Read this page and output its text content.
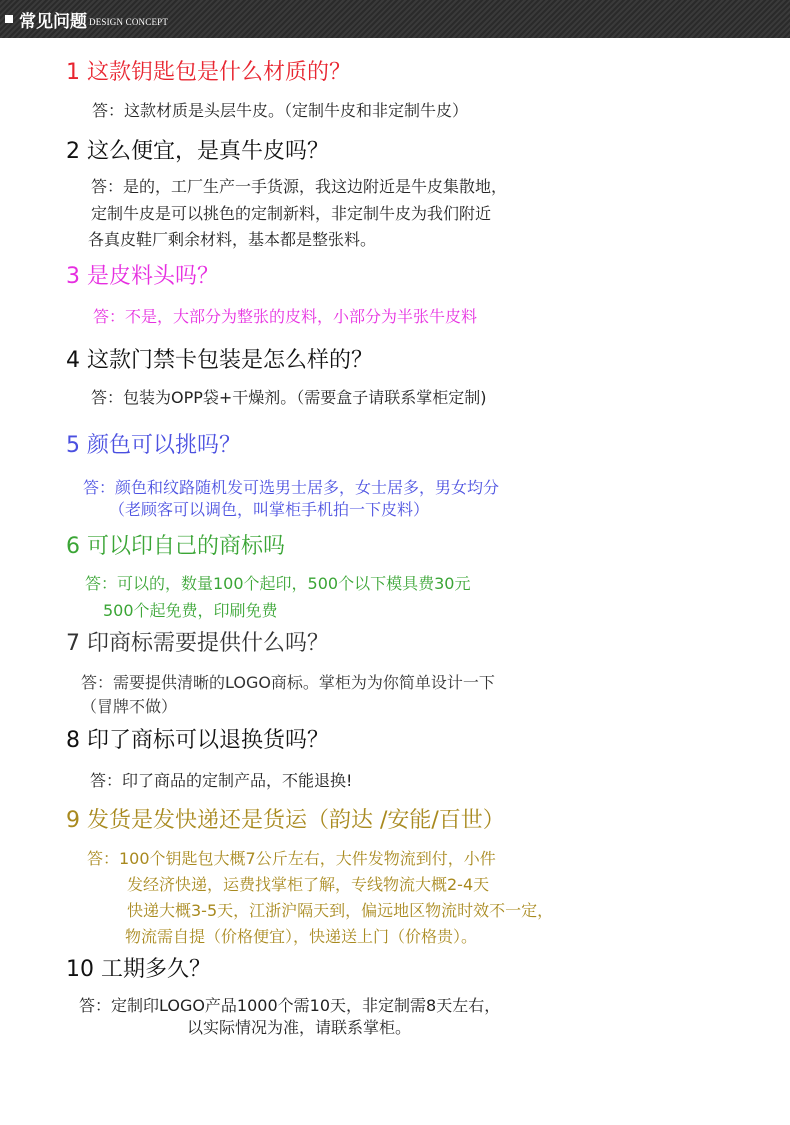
常见问题 DESIGN CONCEPT
1 这款钥匙包是什么材质的？
答：这款材质是头层牛皮。（定制牛皮和非定制牛皮）
2 这么便宜，是真牛皮吗？
答：是的，工厂生产一手货源，我这边附近是牛皮集散地，
定制牛皮是可以挑色的定制新料，非定制牛皮为我们附近
各真皮鞋厂剩余材料，基本都是整张料。
3 是皮料头吗？
答：不是，大部分为整张的皮料，小部分为半张牛皮料
4 这款门禁卡包装是怎么样的？
答：包装为OPP袋+干燥剂。（需要盒子请联系掌柜定制)
5 颜色可以挑吗？
答：颜色和纹路随机发可选男士居多，女士居多，男女均分
（老顾客可以调色，叫掌柜手机拍一下皮料）
6 可以印自己的商标吗
答：可以的，数量100个起印，500个以下模具费30元
500个起免费，印刷免费
7 印商标需要提供什么吗？
答：需要提供清晰的LOGO商标。掌柜为为你简单设计一下
（冒牌不做）
8 印了商标可以退换货吗？
答：印了商品的定制产品，不能退换!
9 发货是发快递还是货运（韵达 /安能/百世）
答：100个钥匙包大概7公斤左右，大件发物流到付，小件
发经济快递，运费找掌柜了解，专线物流大概2-4天
快递大概3-5天，江浙沪隔天到，偏远地区物流时效不一定，
物流需自提（价格便宜），快递送上门（价格贵）。
10 工期多久？
答：定制印LOGO产品1000个需10天，非定制需8天左右，
以实际情况为准，请联系掌柜。
